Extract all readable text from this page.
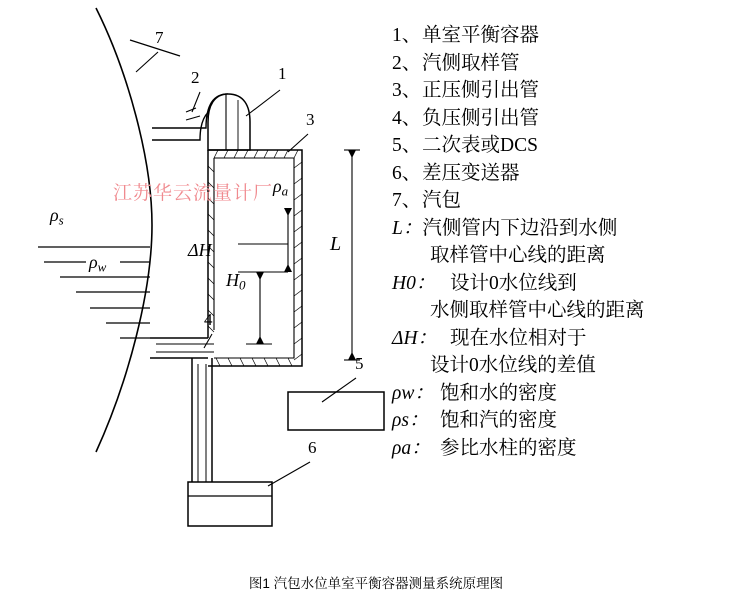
7
2	1
3
4
5
6
$\rho_a$
$\rho_s$
$\rho_w$
ΔH
$H_0$
L
江苏华云流量计厂
1、 单室平衡容器
2、 汽侧取样管
3、 正压侧引出管
4、 负压侧引出管
5、 二次表或DCS
6、 差压变送器
7、 汽包
L： 汽侧管内下边沿到水侧
取样管中心线的距离
H0： 设计0水位线到
水侧取样管中心线的距离
ΔH： 现在水位相对于
设计0水位线的差值
ρw： 饱和水的密度
ρs： 饱和汽的密度
ρa： 参比水柱的密度
图1 汽包水位单室平衡容器测量系统原理图
